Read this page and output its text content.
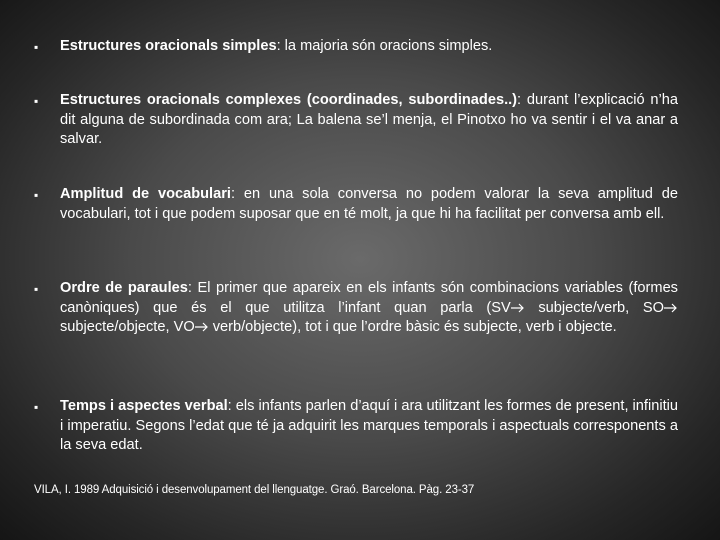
▪
Estructures oracionals simples: la majoria són oracions simples.
▪
Estructures oracionals complexes (coordinades, subordinades..): durant l’explicació n’ha dit alguna de subordinada com ara; La balena se’l menja, el Pinotxo ho va sentir i el va anar a salvar.
▪
Amplitud de vocabulari: en una sola conversa no podem valorar la seva amplitud de vocabulari, tot i que podem suposar que en té molt, ja que hi ha facilitat per conversa amb ell.
▪
Ordre de paraules: El primer que apareix en els infants són combinacions variables (formes canòniques) que és el que utilitza l’infant quan parla (SV subjecte/verb, SO subjecte/objecte, VO verb/objecte), tot i que l’ordre bàsic és subjecte, verb i objecte.
▪
Temps i aspectes verbal: els infants parlen d’aquí i ara utilitzant les formes de present, infinitiu i imperatiu. Segons l’edat que té ja adquirit les marques temporals i aspectuals corresponents a la seva edat.
VILA, I. 1989 Adquisició i desenvolupament del llenguatge. Graó. Barcelona. Pàg. 23-37
